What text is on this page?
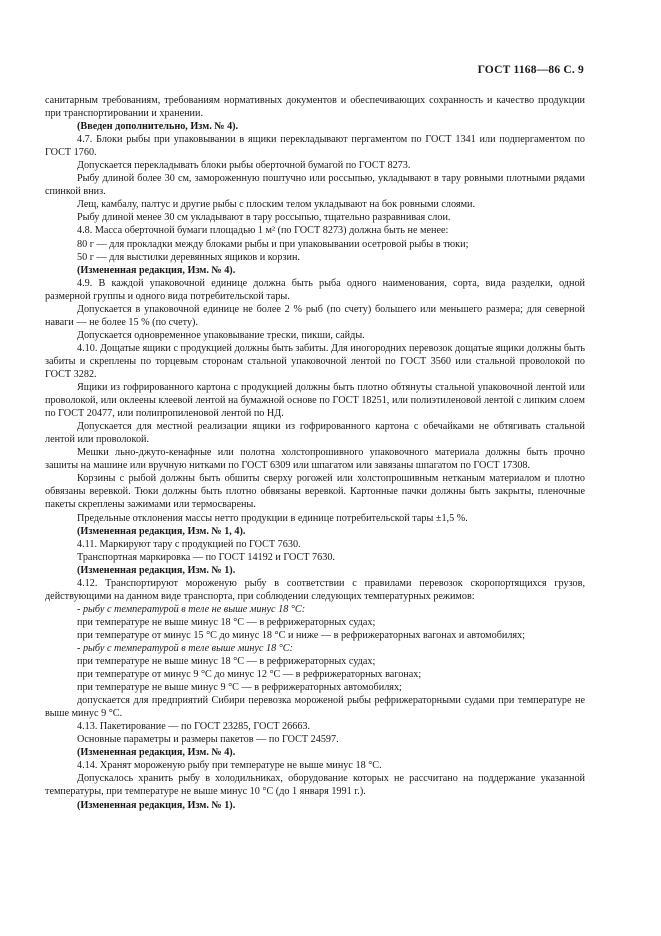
ГОСТ 1168—86 С. 9

санитарным требованиям, требованиям нормативных документов и обеспечивающих сохранность и качество продукции при транспортировании и хранении.

(Введен дополнительно, Изм. № 4).

4.7. Блоки рыбы при упаковывании в ящики перекладывают пергаментом по ГОСТ 1341 или подпергаментом по ГОСТ 1760.

Допускается перекладывать блоки рыбы оберточной бумагой по ГОСТ 8273.

Рыбу длиной более 30 см, замороженную поштучно или россыпью, укладывают в тару ровными плотными рядами спинкой вниз.

Лещ, камбалу, палтус и другие рыбы с плоским телом укладывают на бок ровными слоями.

Рыбу длиной менее 30 см укладывают в тару россыпью, тщательно разравнивая слои.

4.8. Масса оберточной бумаги площадью 1 м² (по ГОСТ 8273) должна быть не менее:

80 г — для прокладки между блоками рыбы и при упаковывании осетровой рыбы в тюки;

50 г — для выстилки деревянных ящиков и корзин.

(Измененная редакция, Изм. № 4).

4.9. В каждой упаковочной единице должна быть рыба одного наименования, сорта, вида разделки, одной размерной группы и одного вида потребительской тары.

Допускается в упаковочной единице не более 2 % рыб (по счету) большего или меньшего размера; для северной наваги — не более 15 % (по счету).

Допускается одновременное упаковывание трески, пикши, сайды.

4.10. Дощатые ящики с продукцией должны быть забиты. Для иногородних перевозок дощатые ящики должны быть забиты и скреплены по торцевым сторонам стальной упаковочной лентой по ГОСТ 3560 или стальной проволокой по ГОСТ 3282.

Ящики из гофрированного картона с продукцией должны быть плотно обтянуты стальной упаковочной лентой или проволокой, или оклеены клеевой лентой на бумажной основе по ГОСТ 18251, или полиэтиленовой лентой с липким слоем по ГОСТ 20477, или полипропиленовой лентой по НД.

Допускается для местной реализации ящики из гофрированного картона с обечайками не обтягивать стальной лентой или проволокой.

Мешки льно-джуто-кенафные или полотна холстопрошивного упаковочного материала должны быть прочно зашиты на машине или вручную нитками по ГОСТ 6309 или шпагатом или завязаны шпагатом по ГОСТ 17308.

Корзины с рыбой должны быть обшиты сверху рогожей или холстопрошивным нетканым материалом и плотно обвязаны веревкой. Тюки должны быть плотно обвязаны веревкой. Картонные пачки должны быть закрыты, пленочные пакеты скреплены зажимами или термосварены.

Предельные отклонения массы нетто продукции в единице потребительской тары ±1,5 %.

(Измененная редакция, Изм. № 1, 4).

4.11. Маркируют тару с продукцией по ГОСТ 7630.

Транспортная маркировка — по ГОСТ 14192 и ГОСТ 7630.

(Измененная редакция, Изм. № 1).

4.12. Транспортируют мороженую рыбу в соответствии с правилами перевозок скоропортящихся грузов, действующими на данном виде транспорта, при соблюдении следующих температурных режимов:

- рыбу с температурой в теле не выше минус 18 °С:

при температуре не выше минус 18 °С — в рефрижераторных судах;

при температуре от минус 15 °С до минус 18 °С и ниже — в рефрижераторных вагонах и автомобилях;

- рыбу с температурой в теле выше минус 18 °С:

при температуре не выше минус 18 °С — в рефрижераторных судах;

при температуре от минус 9 °С до минус 12 °С — в рефрижераторных вагонах;

при температуре не выше минус 9 °С — в рефрижераторных автомобилях;

допускается для предприятий Сибири перевозка мороженой рыбы рефрижераторными судами при температуре не выше минус 9 °С.

4.13. Пакетирование — по ГОСТ 23285, ГОСТ 26663.

Основные параметры и размеры пакетов — по ГОСТ 24597.

(Измененная редакция, Изм. № 4).

4.14. Хранят мороженую рыбу при температуре не выше минус 18 °С.

Допускалось хранить рыбу в холодильниках, оборудование которых не рассчитано на поддержание указанной температуры, при температуре не выше минус 10 °С (до 1 января 1991 г.).

(Измененная редакция, Изм. № 1).
